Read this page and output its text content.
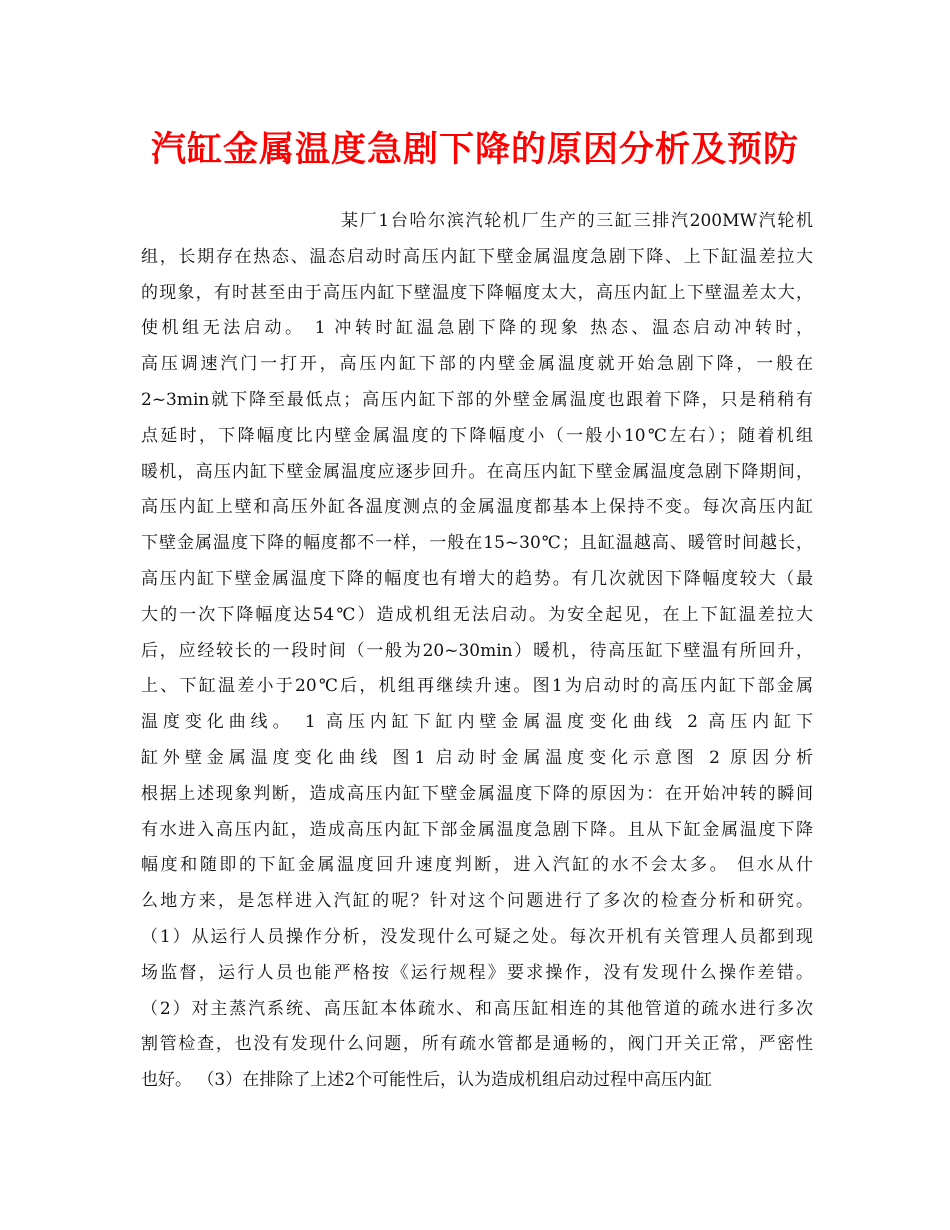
汽缸金属温度急剧下降的原因分析及预防
某厂1台哈尔滨汽轮机厂生产的三缸三排汽200MW汽轮机
组，长期存在热态、温态启动时高压内缸下壁金属温度急剧下降、上下缸温差拉大
的现象，有时甚至由于高压内缸下壁温度下降幅度太大，高压内缸上下壁温差太大，
使机组无法启动。 1 冲转时缸温急剧下降的现象 热态、温态启动冲转时，
高压调速汽门一打开，高压内缸下部的内壁金属温度就开始急剧下降，一般在
2~3min就下降至最低点；高压内缸下部的外壁金属温度也跟着下降，只是稍稍有
点延时，下降幅度比内壁金属温度的下降幅度小（一般小10℃左右）；随着机组
暖机，高压内缸下壁金属温度应逐步回升。在高压内缸下壁金属温度急剧下降期间，
高压内缸上壁和高压外缸各温度测点的金属温度都基本上保持不变。每次高压内缸
下壁金属温度下降的幅度都不一样，一般在15~30℃；且缸温越高、暖管时间越长，
高压内缸下壁金属温度下降的幅度也有增大的趋势。有几次就因下降幅度较大（最
大的一次下降幅度达54℃）造成机组无法启动。为安全起见，在上下缸温差拉大
后，应经较长的一段时间（一般为20~30min）暖机，待高压缸下壁温有所回升，
上、下缸温差小于20℃后，机组再继续升速。图1为启动时的高压内缸下部金属
温度变化曲线。 1 高压内缸下缸内壁金属温度变化曲线 2 高压内缸下
缸外壁金属温度变化曲线 图1 启动时金属温度变化示意图 2 原因分析
根据上述现象判断，造成高压内缸下壁金属温度下降的原因为：在开始冲转的瞬间
有水进入高压内缸，造成高压内缸下部金属温度急剧下降。且从下缸金属温度下降
幅度和随即的下缸金属温度回升速度判断，进入汽缸的水不会太多。 但水从什
么地方来，是怎样进入汽缸的呢？针对这个问题进行了多次的检查分析和研究。
（1）从运行人员操作分析，没发现什么可疑之处。每次开机有关管理人员都到现
场监督，运行人员也能严格按《运行规程》要求操作，没有发现什么操作差错。
（2）对主蒸汽系统、高压缸本体疏水、和高压缸相连的其他管道的疏水进行多次
割管检查，也没有发现什么问题，所有疏水管都是通畅的，阀门开关正常，严密性
也好。 （3）在排除了上述2个可能性后，认为造成机组启动过程中高压内缸
